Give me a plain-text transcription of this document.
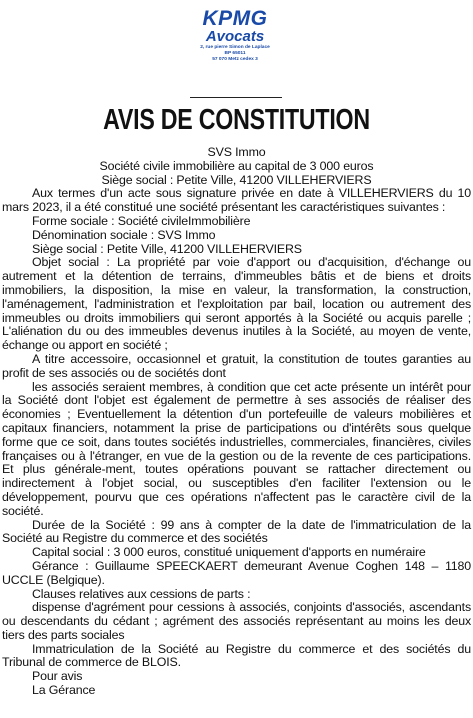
KPMG
Avocats
2, rue pierre Simon de Laplace
BP 65011
57 070 Metz cedex 3
AVIS DE CONSTITUTION

SVS Immo

Société civile immobilière au capital de 3 000 euros

Siège social : Petite Ville, 41200 VILLEHERVIERS

Aux termes d'un acte sous signature privée en date à VILLEHERVIERS du 10 mars 2023, il a été constitué une société présentant les caractéristiques suivantes :

Forme sociale : Société civileImmobilière

Dénomination sociale : SVS Immo

Siège social : Petite Ville, 41200 VILLEHERVIERS

Objet social : La propriété par voie d'apport ou d'acquisition, d'échange ou autrement et la détention de terrains, d'immeubles bâtis et de biens et droits immobiliers, la disposition, la mise en valeur, la transformation, la construction, l'aménagement, l'administration et l'exploitation par bail, location ou autrement des immeubles ou droits immobiliers qui seront apportés à la Société ou acquis parelle ; L'aliénation du ou des immeubles devenus inutiles à la Société, au moyen de vente, échange ou apport en société ;

A titre accessoire, occasionnel et gratuit, la constitution de toutes garanties au profit de ses associés ou de sociétés dont

les associés seraient membres, à condition que cet acte présente un intérêt pour la Société dont l'objet est également de permettre à ses associés de réaliser des économies ; Eventuellement la détention d'un portefeuille de valeurs mobilières et capitaux financiers, notamment la prise de participations ou d'intérêts sous quelque forme que ce soit, dans toutes sociétés industrielles, commerciales, financières, civiles françaises ou à l'étranger, en vue de la gestion ou de la revente de ces participations. Et plus générale-ment, toutes opérations pouvant se rattacher directement ou indirectement à l'objet social, ou susceptibles d'en faciliter l'extension ou le développement, pourvu que ces opérations n'affectent pas le caractère civil de la société.

Durée de la Société : 99 ans à compter de la date de l'immatriculation de la Société au Registre du commerce et des sociétés

Capital social : 3 000 euros, constitué uniquement d'apports en numéraire

Gérance : Guillaume SPEECKAERT demeurant Avenue Coghen 148 – 1180 UCCLE (Belgique).

Clauses relatives aux cessions de parts :

dispense d'agrément pour cessions à associés, conjoints d'associés, ascendants ou descendants du cédant ; agrément des associés représentant au moins les deux tiers des parts sociales

Immatriculation de la Société au Registre du commerce et des sociétés du Tribunal de commerce de BLOIS.

Pour avis

La Gérance
